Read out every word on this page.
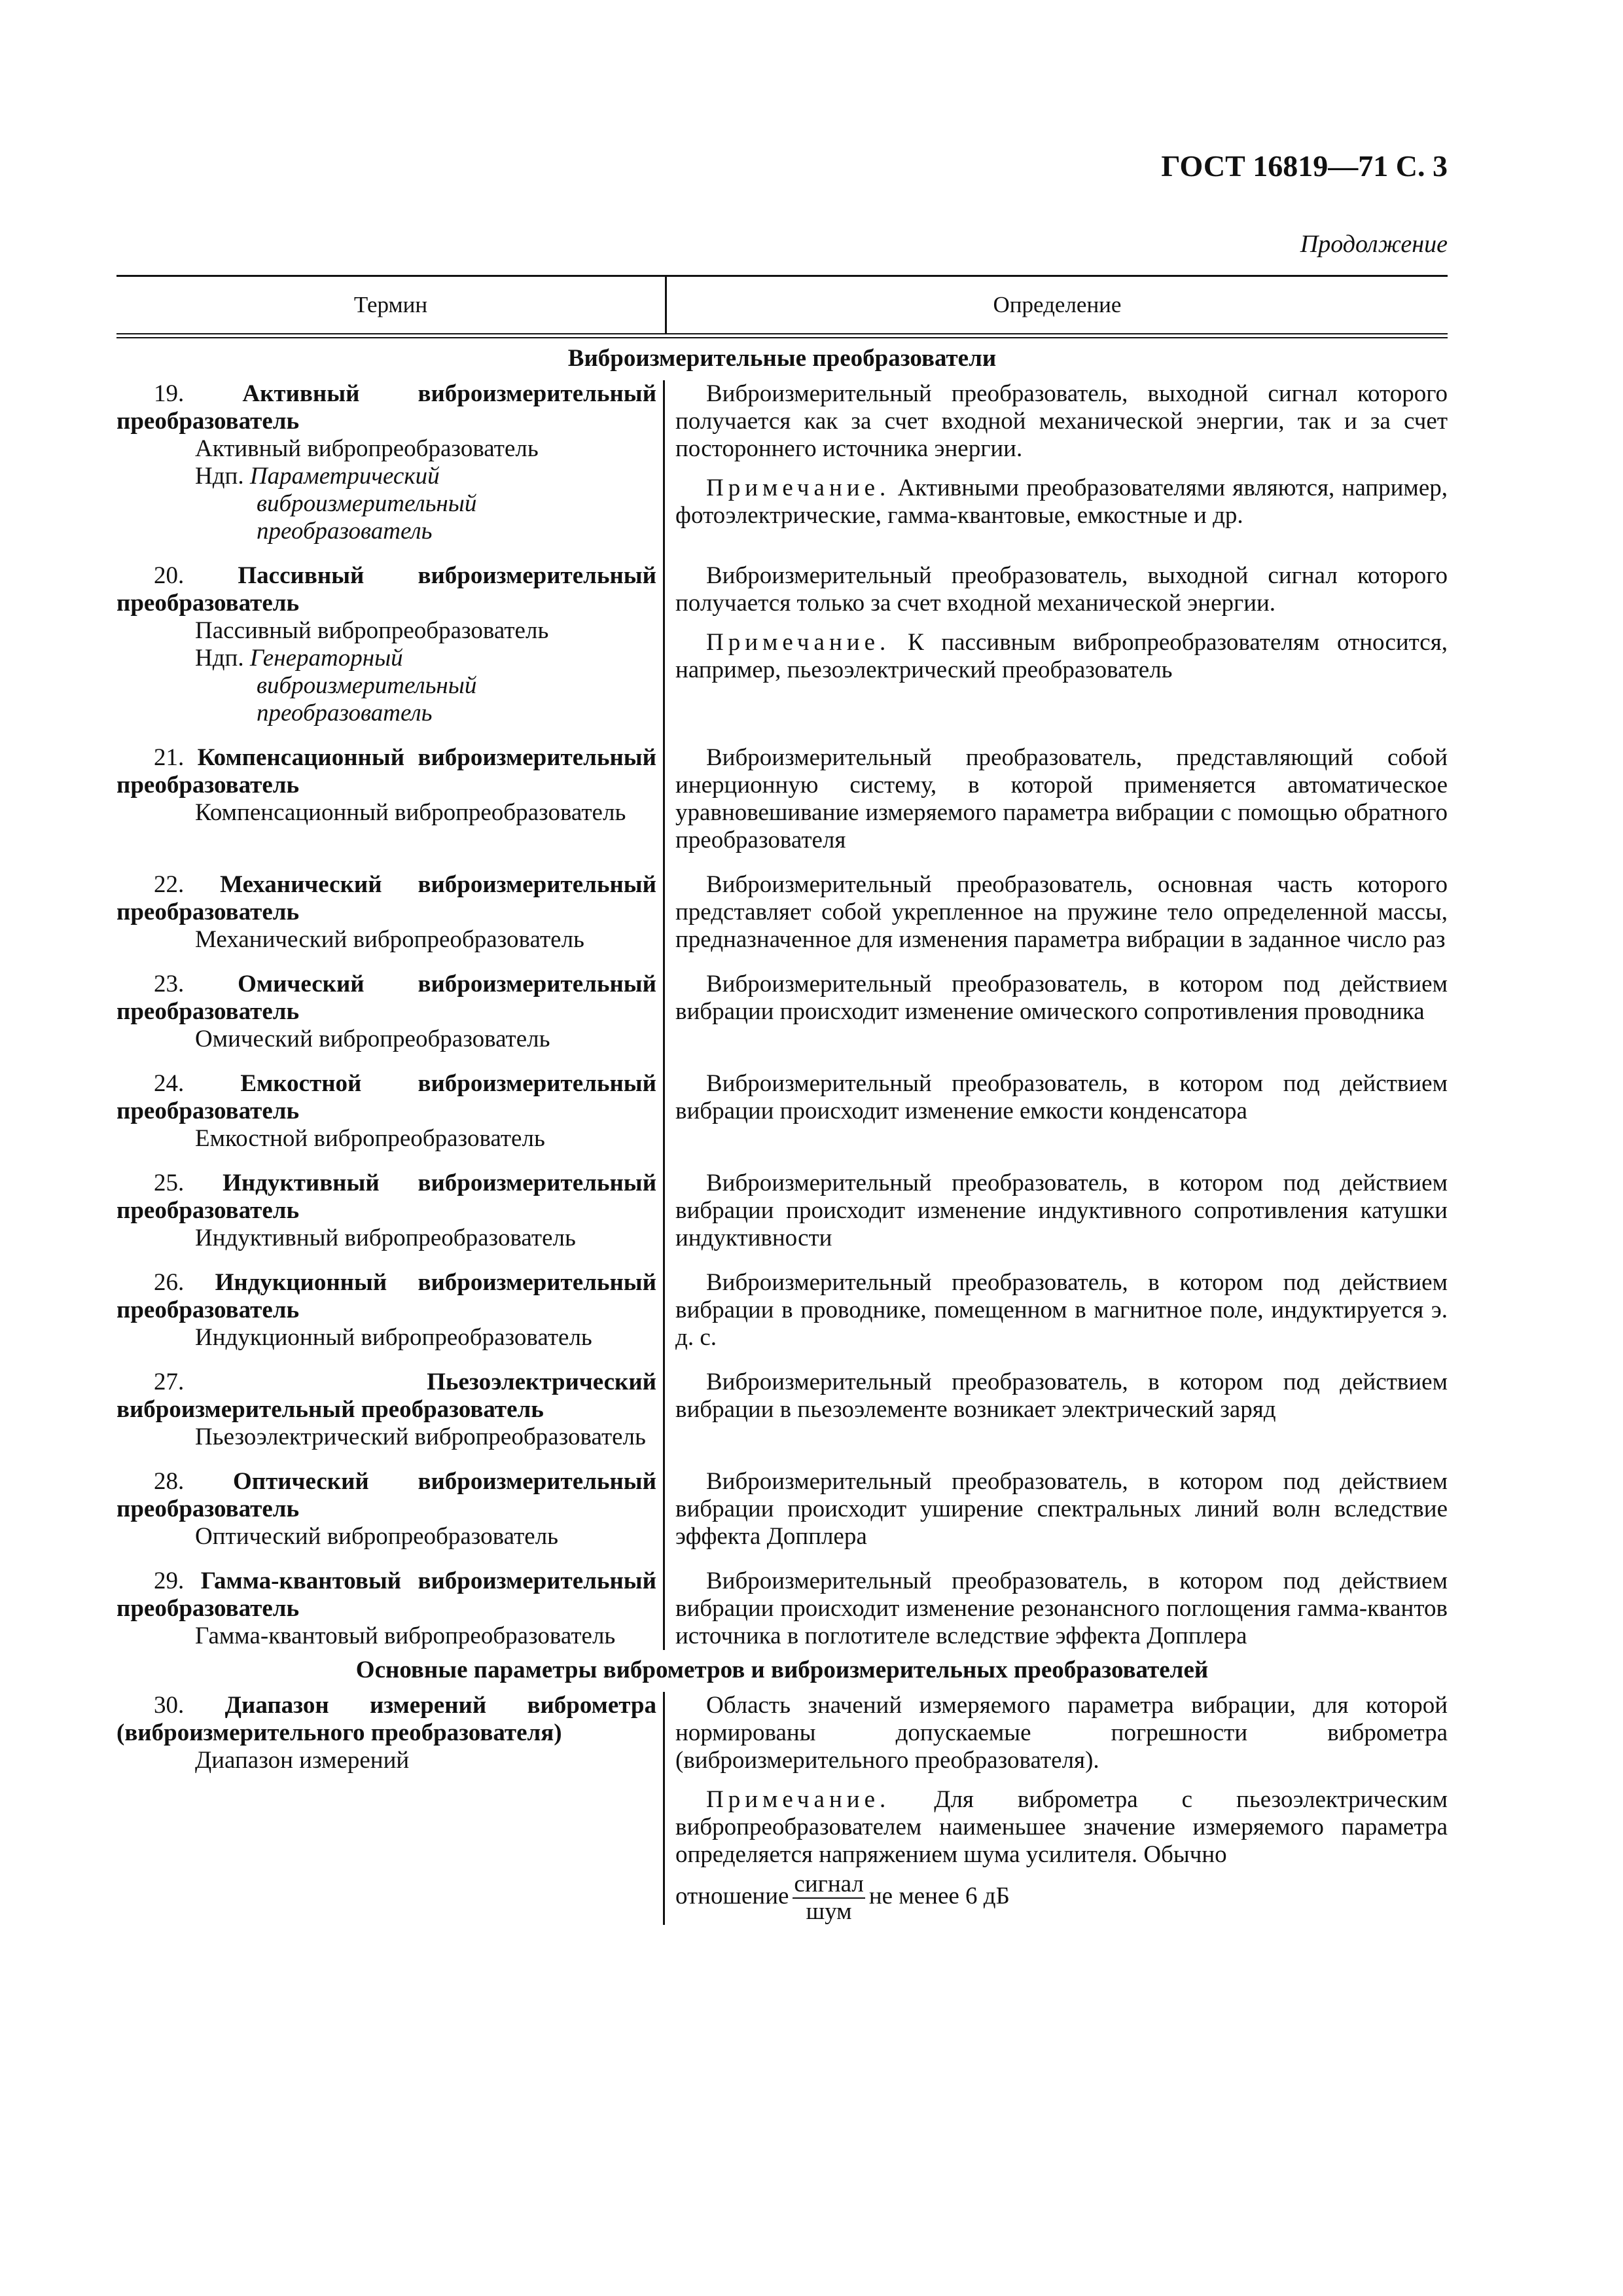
ГОСТ 16819—71 С. 3
Продолжение
Термин	Определение
Виброизмерительные преобразователи
19. Активный виброизмерительный преобразователь
Активный вибропреобразователь
Ндп. Параметрический
виброизмерительный
преобразователь

Виброизмерительный преобразователь, выходной сигнал которого получается как за счет входной механической энергии, так и за счет постороннего источника энергии.

Примечание. Активными преобразователями являются, например, фотоэлектрические, гамма-квантовые, емкостные и др.

20. Пассивный виброизмерительный преобразователь
Пассивный вибропреобразователь
Ндп. Генераторный
виброизмерительный
преобразователь

Виброизмерительный преобразователь, выходной сигнал которого получается только за счет входной механической энергии.

Примечание. К пассивным вибропреобразователям относится, например, пьезоэлектрический преобразователь

21. Компенсационный виброизмерительный преобразователь
Компенсационный вибропреобразователь

Виброизмерительный преобразователь, представляющий собой инерционную систему, в которой применяется автоматическое уравновешивание измеряемого параметра вибрации с помощью обратного преобразователя

22. Механический виброизмерительный преобразователь
Механический вибропреобразователь

Виброизмерительный преобразователь, основная часть которого представляет собой укрепленное на пружине тело определенной массы, предназначенное для изменения параметра вибрации в заданное число раз

23. Омический виброизмерительный преобразователь
Омический вибропреобразователь

Виброизмерительный преобразователь, в котором под действием вибрации происходит изменение омического сопротивления проводника

24. Емкостной виброизмерительный преобразователь
Емкостной вибропреобразователь

Виброизмерительный преобразователь, в котором под действием вибрации происходит изменение емкости конденсатора

25. Индуктивный виброизмерительный преобразователь
Индуктивный вибропреобразователь

Виброизмерительный преобразователь, в котором под действием вибрации происходит изменение индуктивного сопротивления катушки индуктивности

26. Индукционный виброизмерительный преобразователь
Индукционный вибропреобразователь

Виброизмерительный преобразователь, в котором под действием вибрации в проводнике, помещенном в магнитное поле, индуктируется э. д. с.

27.	Пьезоэлектрический виброизмерительный преобразователь
Пьезоэлектрический вибропреобразователь

Виброизмерительный преобразователь, в котором под действием вибрации в пьезоэлементе возникает электрический заряд

28. Оптический виброизмерительный преобразователь
Оптический вибропреобразователь

Виброизмерительный преобразователь, в котором под действием вибрации происходит уширение спектральных линий волн вследствие эффекта Допплера

29. Гамма-квантовый виброизмерительный преобразователь
Гамма-квантовый вибропреобразователь

Виброизмерительный преобразователь, в котором под действием вибрации происходит изменение резонансного поглощения гамма-квантов источника в поглотителе вследствие эффекта Допплера

Основные параметры виброметров и виброизмерительных преобразователей
30. Диапазон измерений виброметра (виброизмерительного преобразователя)
Диапазон измерений

Область значений измеряемого параметра вибрации, для которой нормированы допускаемые погрешности виброметра (виброизмерительного преобразователя).

Примечание. Для виброметра с пьезоэлектрическим вибропреобразователем наименьшее значение измеряемого параметра определяется напряжением шума усилителя. Обычно

отношение $\frac{\text{сигнал}}{\text{шум}}$ не менее 6 дБ
